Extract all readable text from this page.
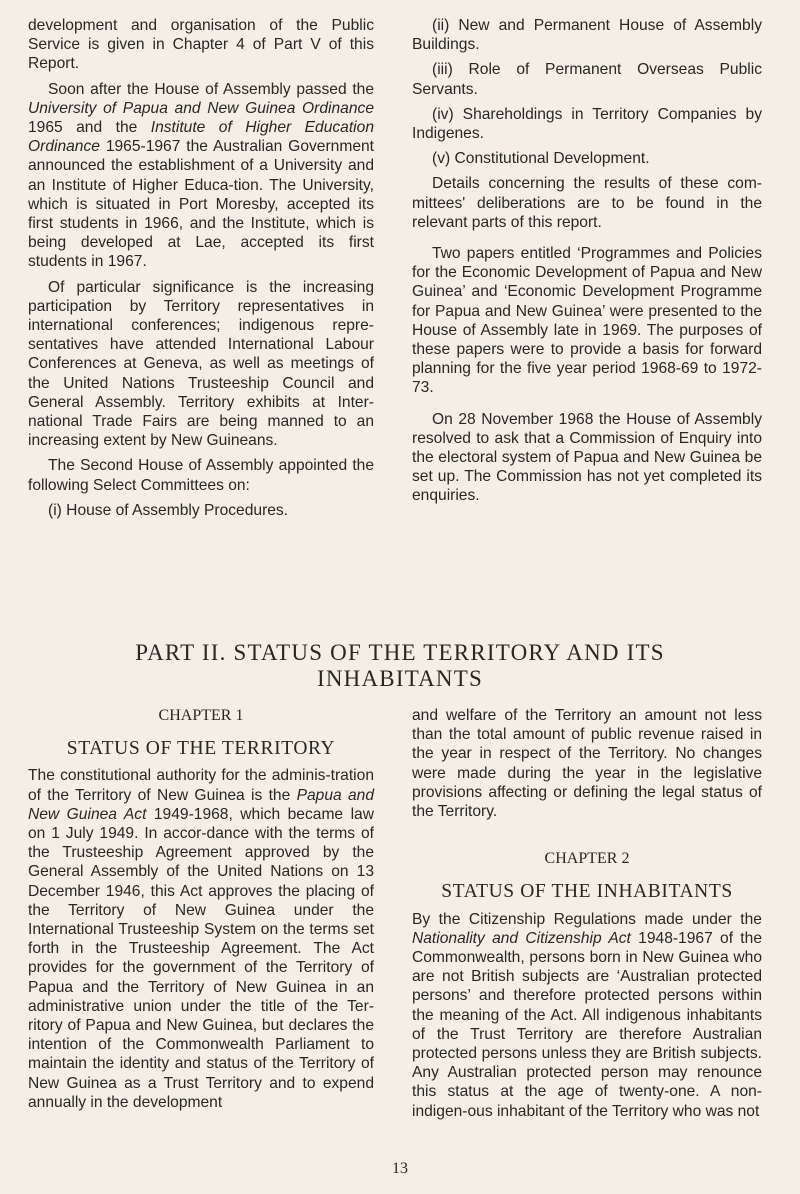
development and organisation of the Public Service is given in Chapter 4 of Part V of this Report.

Soon after the House of Assembly passed the University of Papua and New Guinea Ordinance 1965 and the Institute of Higher Education Ordinance 1965-1967 the Australian Government announced the establishment of a University and an Institute of Higher Educa-tion. The University, which is situated in Port Moresby, accepted its first students in 1966, and the Institute, which is being developed at Lae, accepted its first students in 1967.

Of particular significance is the increasing participation by Territory representatives in international conferences; indigenous repre-sentatives have attended International Labour Conferences at Geneva, as well as meetings of the United Nations Trusteeship Council and General Assembly. Territory exhibits at Inter-national Trade Fairs are being manned to an increasing extent by New Guineans.

The Second House of Assembly appointed the following Select Committees on:

(i) House of Assembly Procedures.

(ii) New and Permanent House of Assembly Buildings.

(iii) Role of Permanent Overseas Public Servants.

(iv) Shareholdings in Territory Companies by Indigenes.

(v) Constitutional Development.

Details concerning the results of these com-mittees' deliberations are to be found in the relevant parts of this report.

Two papers entitled ‘Programmes and Policies for the Economic Development of Papua and New Guinea’ and ‘Economic Development Programme for Papua and New Guinea’ were presented to the House of Assembly late in 1969. The purposes of these papers were to provide a basis for forward planning for the five year period 1968-69 to 1972-73.

On 28 November 1968 the House of Assembly resolved to ask that a Commission of Enquiry into the electoral system of Papua and New Guinea be set up. The Commission has not yet completed its enquiries.

PART II. STATUS OF THE TERRITORY AND ITS
INHABITANTS
CHAPTER 1
STATUS OF THE TERRITORY

The constitutional authority for the adminis-tration of the Territory of New Guinea is the Papua and New Guinea Act 1949-1968, which became law on 1 July 1949. In accor-dance with the terms of the Trusteeship Agreement approved by the General Assembly of the United Nations on 13 December 1946, this Act approves the placing of the Territory of New Guinea under the International Trusteeship System on the terms set forth in the Trusteeship Agreement. The Act provides for the government of the Territory of Papua and the Territory of New Guinea in an administrative union under the title of the Ter-ritory of Papua and New Guinea, but declares the intention of the Commonwealth Parliament to maintain the identity and status of the Territory of New Guinea as a Trust Territory and to expend annually in the development

and welfare of the Territory an amount not less than the total amount of public revenue raised in the year in respect of the Territory. No changes were made during the year in the legislative provisions affecting or defining the legal status of the Territory.

CHAPTER 2
STATUS OF THE INHABITANTS

By the Citizenship Regulations made under the Nationality and Citizenship Act 1948-1967 of the Commonwealth, persons born in New Guinea who are not British subjects are ‘Australian protected persons’ and therefore protected persons within the meaning of the Act. All indigenous inhabitants of the Trust Territory are therefore Australian protected persons unless they are British subjects. Any Australian protected person may renounce this status at the age of twenty-one. A non-indigen-ous inhabitant of the Territory who was not

13
